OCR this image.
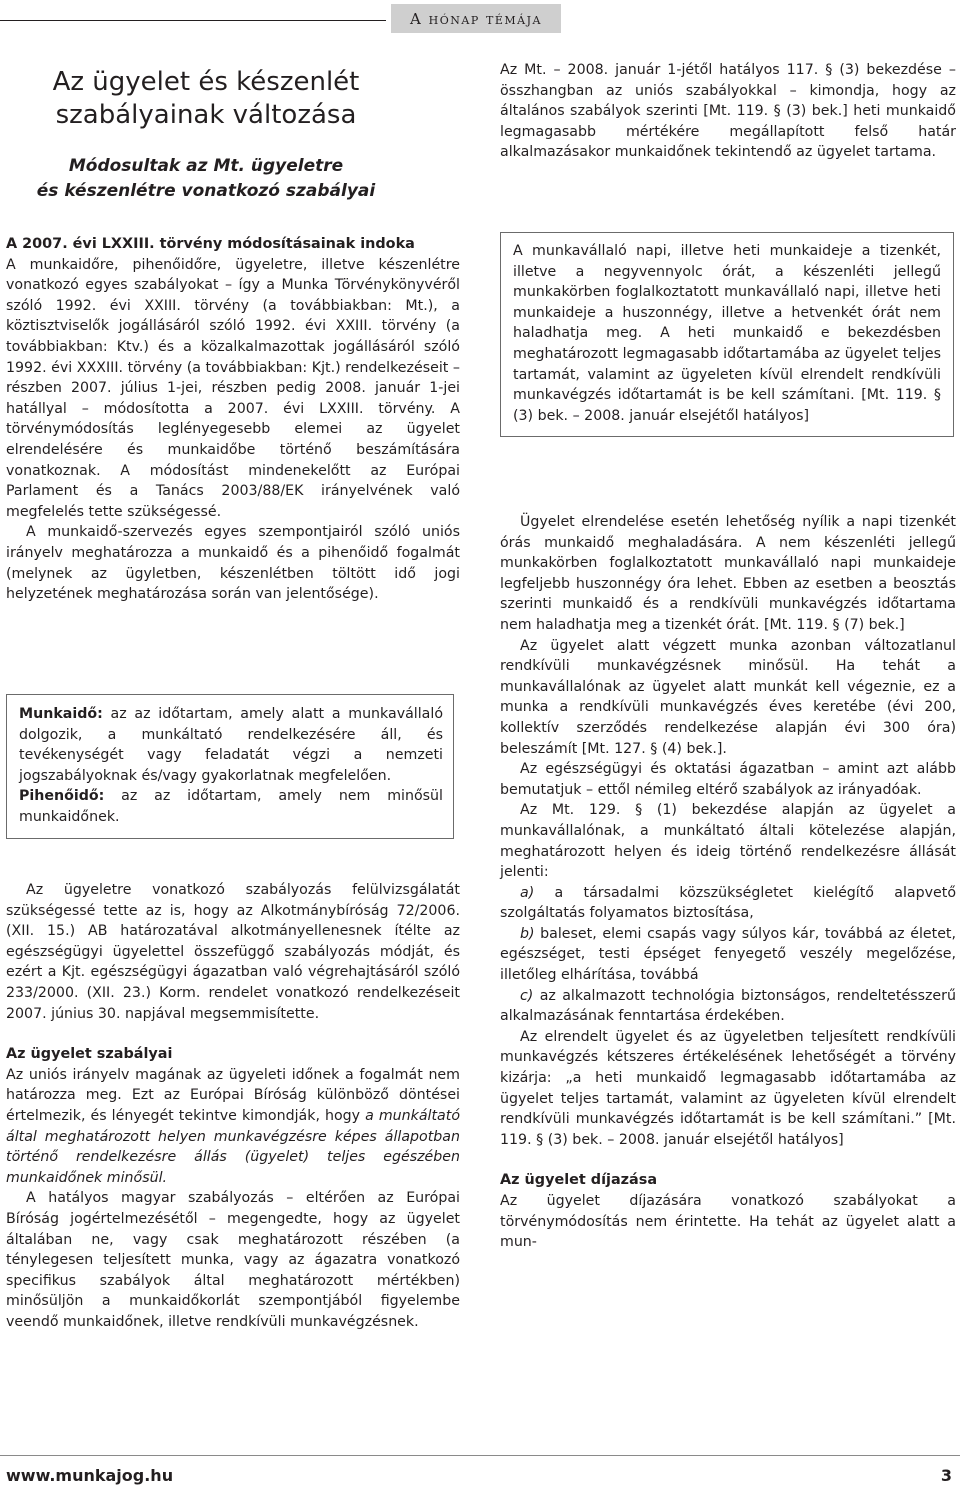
A hónap témája
Az ügyelet és készenlét szabályainak változása
Módosultak az Mt. ügyeletre
és készenlétre vonatkozó szabályai
A 2007. évi LXXIII. törvény módosításainak indoka

A munkaidőre, pihenőidőre, ügyeletre, illetve készenlétre vonatkozó egyes szabályokat – így a Munka Törvénykönyvéről szóló 1992. évi XXIII. törvény (a továbbiakban: Mt.), a köztisztviselők jogállásáról szóló 1992. évi XXIII. törvény (a továbbiakban: Ktv.) és a közalkalmazottak jogállásáról szóló 1992. évi XXXIII. törvény (a továbbiakban: Kjt.) rendelkezéseit – részben 2007. július 1-jei, részben pedig 2008. január 1-jei hatállyal – módosította a 2007. évi LXXIII. törvény. A törvénymódosítás leglényegesebb elemei az ügyelet elrendelésére és munkaidőbe történő beszámítására vonatkoznak. A módosítást mindenekelőtt az Európai Parlament és a Tanács 2003/88/EK irányelvének való megfelelés tette szükségessé.

A munkaidő-szervezés egyes szempontjairól szóló uniós irányelv meghatározza a munkaidő és a pihenőidő fogalmát (melynek az ügyletben, készenlétben töltött idő jogi helyzetének meghatározása során van jelentősége).

Munkaidő: az az időtartam, amely alatt a munkavállaló dolgozik, a munkáltató rendelkezésére áll, és tevékenységét vagy feladatát végzi a nemzeti jogszabályoknak és/vagy gyakorlatnak megfelelően.
Pihenőidő: az az időtartam, amely nem minősül munkaidőnek.

Az ügyeletre vonatkozó szabályozás felülvizsgálatát szükségessé tette az is, hogy az Alkotmánybíróság 72/2006. (XII. 15.) AB határozatával alkotmányellenesnek ítélte az egészségügyi ügyelettel összefüggő szabályozás módját, és ezért a Kjt. egészségügyi ágazatban való végrehajtásáról szóló 233/2000. (XII. 23.) Korm. rendelet vonatkozó rendelkezéseit 2007. június 30. napjával megsemmisítette.

Az ügyelet szabályai

Az uniós irányelv magának az ügyeleti időnek a fogalmát nem határozza meg. Ezt az Európai Bíróság különböző döntései értelmezik, és lényegét tekintve kimondják, hogy a munkáltató által meghatározott helyen munkavégzésre képes állapotban történő rendelkezésre állás (ügyelet) teljes egészében munkaidőnek minősül.

A hatályos magyar szabályozás – eltérően az Európai Bíróság jogértelmezésétől – megengedte, hogy az ügyelet általában ne, vagy csak meghatározott részében (a ténylegesen teljesített munka, vagy az ágazatra vonatkozó specifikus szabályok által meghatározott mértékben) minősüljön a munkaidőkorlát szempontjából figyelembe veendő munkaidőnek, illetve rendkívüli munkavégzésnek.

Az Mt. – 2008. január 1-jétől hatályos 117. § (3) bekezdése – összhangban az uniós szabályokkal – kimondja, hogy az általános szabályok szerinti [Mt. 119. § (3) bek.] heti munkaidő legmagasabb mértékére megállapított felső határ alkalmazásakor munkaidőnek tekintendő az ügyelet tartama.

A munkavállaló napi, illetve heti munkaideje a tizenkét, illetve a negyvennyolc órát, a készenléti jellegű munkakörben foglalkoztatott munkavállaló napi, illetve heti munkaideje a huszonnégy, illetve a hetvenkét órát nem haladhatja meg. A heti munkaidő e bekezdésben meghatározott legmagasabb időtartamába az ügyelet teljes tartamát, valamint az ügyeleten kívül elrendelt rendkívüli munkavégzés időtartamát is be kell számítani. [Mt. 119. § (3) bek. – 2008. január elsejétől hatályos]

Ügyelet elrendelése esetén lehetőség nyílik a napi tizenkét órás munkaidő meghaladására. A nem készenléti jellegű munkakörben foglalkoztatott munkavállaló napi munkaideje legfeljebb huszonnégy óra lehet. Ebben az esetben a beosztás szerinti munkaidő és a rendkívüli munkavégzés időtartama nem haladhatja meg a tizenkét órát. [Mt. 119. § (7) bek.]

Az ügyelet alatt végzett munka azonban változatlanul rendkívüli munkavégzésnek minősül. Ha tehát a munkavállalónak az ügyelet alatt munkát kell végeznie, ez a munka a rendkívüli munkavégzés éves keretébe (évi 200, kollektív szerződés rendelkezése alapján évi 300 óra) beleszámít [Mt. 127. § (4) bek.].

Az egészségügyi és oktatási ágazatban – amint azt alább bemutatjuk – ettől némileg eltérő szabályok az irányadóak.

Az Mt. 129. § (1) bekezdése alapján az ügyelet a munkavállalónak, a munkáltató általi kötelezése alapján, meghatározott helyen és ideig történő rendelkezésre állását jelenti:

a) a társadalmi közszükségletet kielégítő alapvető szolgáltatás folyamatos biztosítása,

b) baleset, elemi csapás vagy súlyos kár, továbbá az életet, egészséget, testi épséget fenyegető veszély megelőzése, illetőleg elhárítása, továbbá

c) az alkalmazott technológia biztonságos, rendeltetésszerű alkalmazásának fenntartása érdekében.

Az elrendelt ügyelet és az ügyeletben teljesített rendkívüli munkavégzés kétszeres értékelésének lehetőségét a törvény kizárja: „a heti munkaidő legmagasabb időtartamába az ügyelet teljes tartamát, valamint az ügyeleten kívül elrendelt rendkívüli munkavégzés időtartamát is be kell számítani.” [Mt. 119. § (3) bek. – 2008. január elsejétől hatályos]

Az ügyelet díjazása

Az ügyelet díjazására vonatkozó szabályokat a törvénymódosítás nem érintette. Ha tehát az ügyelet alatt a mun-

www.munkajog.hu	3
